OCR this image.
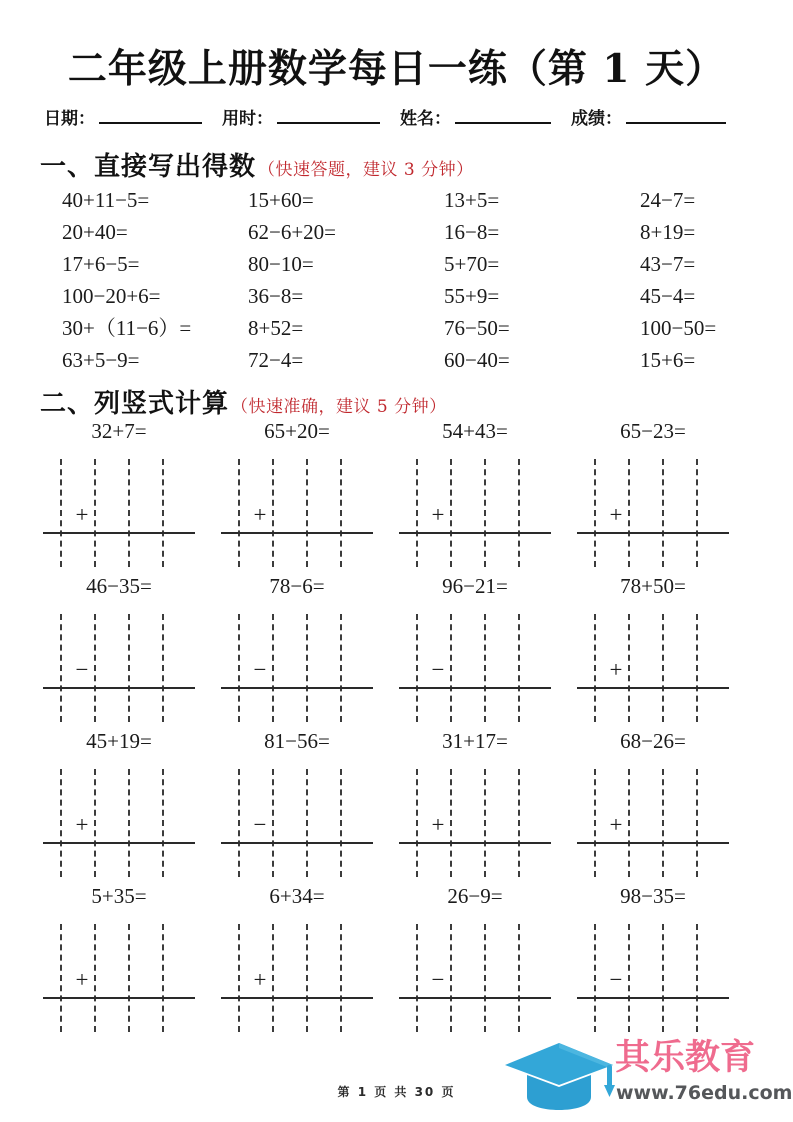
二年级上册数学每日一练（第 1 天）
日期：	用时：	姓名：	成绩：
一、直接写出得数 （快速答题，建议 3 分钟）
40+11−5=	15+60=	13+5=	24−7=
20+40=	62−6+20=	16−8=	8+19=
17+6−5=	80−10=	5+70=	43−7=
100−20+6=	36−8=	55+9=	45−4=
30+（11−6）=	8+52=	76−50=	100−50=
63+5−9=	72−4=	60−40=	15+6=
二、列竖式计算 （快速准确，建议 5 分钟）
32+7=
+
65+20=
+
54+43=
+
65−23=
+
46−35=
−
78−6=
−
96−21=
−
78+50=
+
45+19=
+
81−56=
−
31+17=
+
68−26=
+
5+35=
+
6+34=
+
26−9=
−
98−35=
−
第 1 页 共 30 页
其乐教育
www.76edu.com
